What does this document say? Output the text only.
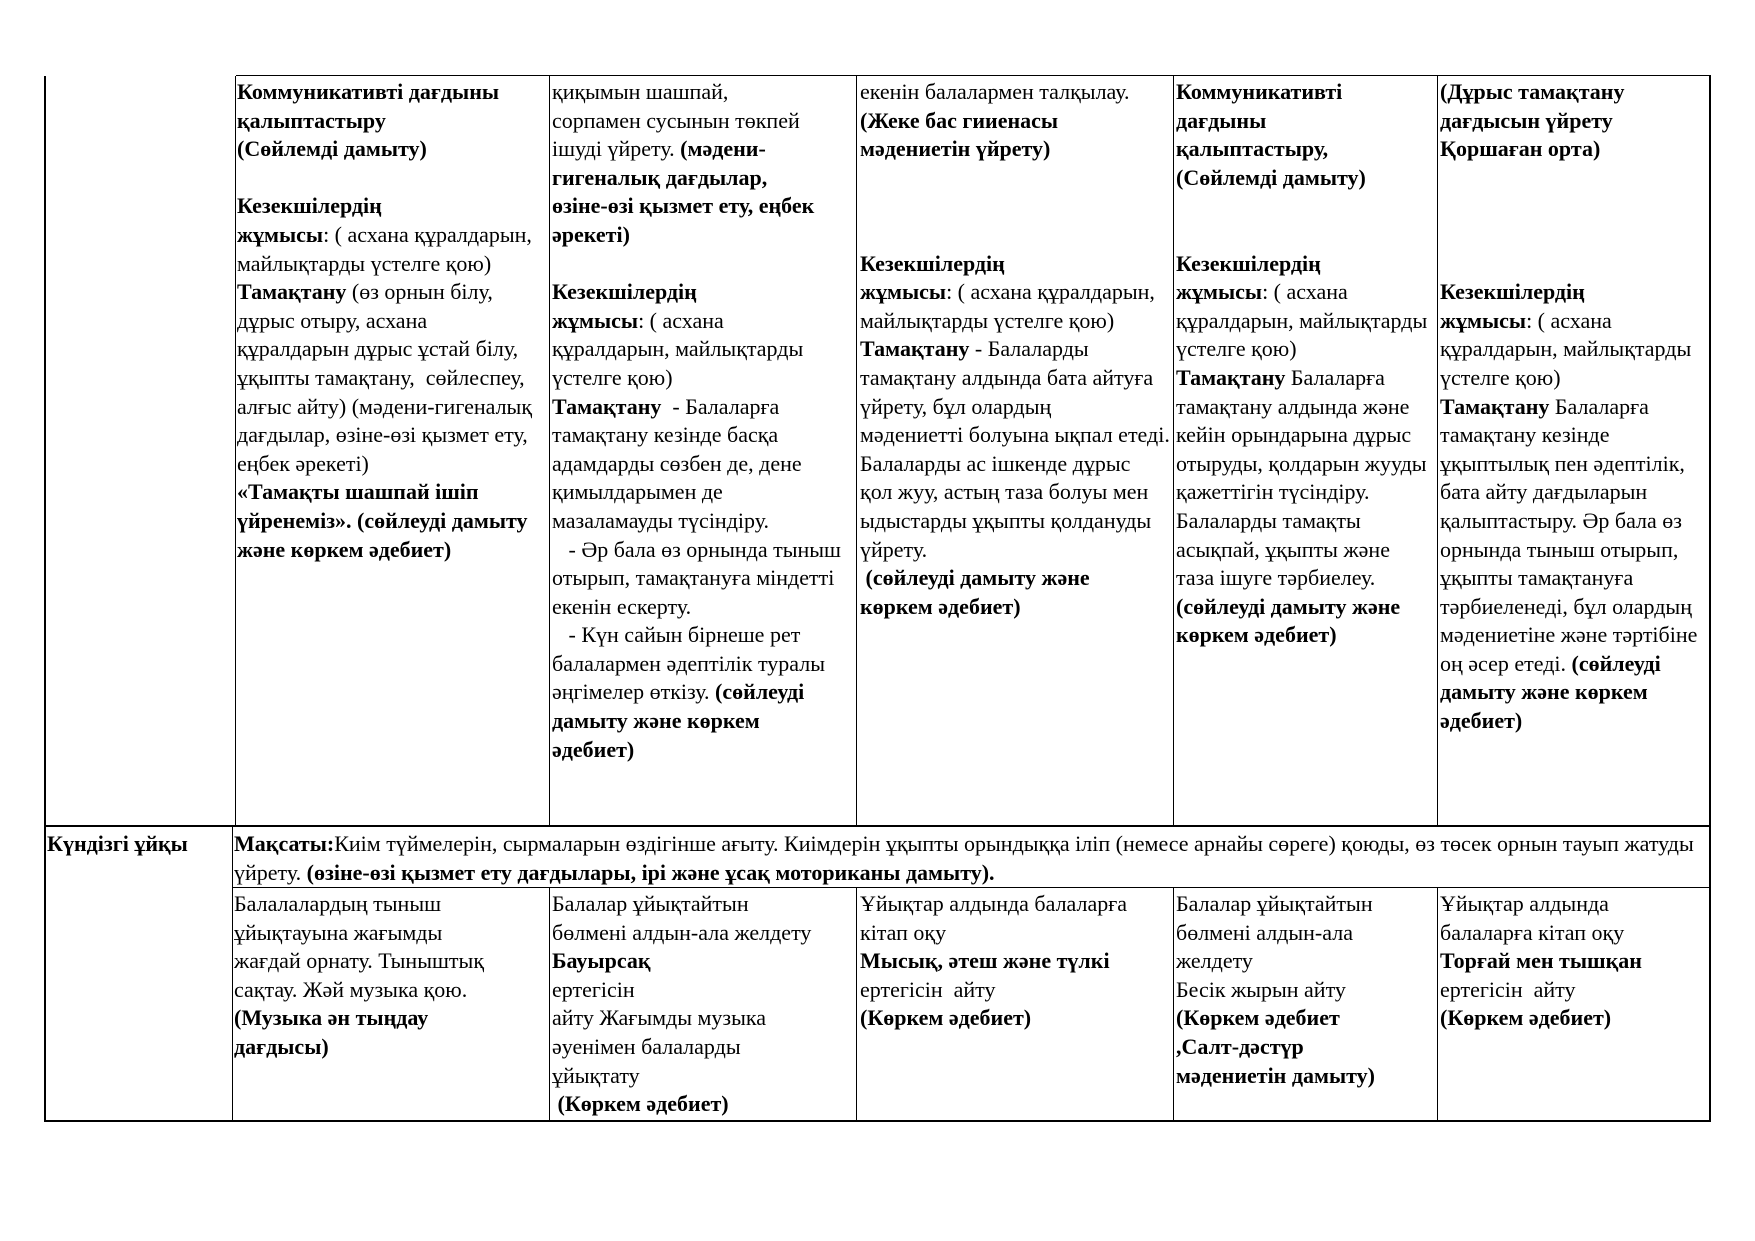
Коммуникативті дағдыны
қалыптастыру
(Сөйлемді дамыту)
Кезекшілердің
жұмысы: ( асхана құралдарын,
майлықтарды үстелге қою)
Тамақтану (өз орнын білу,
дұрыс отыру, асхана
құралдарын дұрыс ұстай білу,
ұқыпты тамақтану,  сөйлеспеу,
алғыс айту) (мәдени-гигеналық
дағдылар, өзіне-өзі қызмет ету,
еңбек әрекеті)
«Тамақты шашпай ішіп
үйренеміз». (сөйлеуді дамыту
және көркем әдебиет)
қиқымын шашпай,
сорпамен сусынын төкпей
ішуді үйрету. (мәдени-
гигеналық дағдылар,
өзіне-өзі қызмет ету, еңбек
әрекеті)
Кезекшілердің
жұмысы: ( асхана
құралдарын, майлықтарды
үстелге қою)
Тамақтану  - Балаларға
тамақтану кезінде басқа
адамдарды сөзбен де, дене
қимылдарымен де
мазаламауды түсіндіру.
- Әр бала өз орнында тыныш
отырып, тамақтануға міндетті
екенін ескерту.
- Күн сайын бірнеше рет
балалармен әдептілік туралы
әңгімелер өткізу. (сөйлеуді
дамыту және көркем
әдебиет)
екенін балалармен талқылау.
(Жеке бас гииенасы
мәдениетін үйрету)
Кезекшілердің
жұмысы: ( асхана құралдарын,
майлықтарды үстелге қою)
Тамақтану - Балаларды
тамақтану алдында бата айтуға
үйрету, бұл олардың
мәдениетті болуына ықпал етеді.
Балаларды ас ішкенде дұрыс
қол жуу, астың таза болуы мен
ыдыстарды ұқыпты қолдануды
үйрету.
(сөйлеуді дамыту және
көркем әдебиет)
Коммуникативті
дағдыны
қалыптастыру,
(Сөйлемді дамыту)
Кезекшілердің
жұмысы: ( асхана
құралдарын, майлықтарды
үстелге қою)
Тамақтану Балаларға
тамақтану алдында және
кейін орындарына дұрыс
отыруды, қолдарын жууды
қажеттігін түсіндіру.
Балаларды тамақты
асықпай, ұқыпты және
таза ішуге тәрбиелеу.
(сөйлеуді дамыту және
көркем әдебиет)
(Дұрыс тамақтану
дағдысын үйрету
Қоршаған орта)
Кезекшілердің
жұмысы: ( асхана
құралдарын, майлықтарды
үстелге қою)
Тамақтану Балаларға
тамақтану кезінде
ұқыптылық пен әдептілік,
бата айту дағдыларын
қалыптастыру. Әр бала өз
орнында тыныш отырып,
ұқыпты тамақтануға
тәрбиеленеді, бұл олардың
мәдениетіне және тәртібіне
оң әсер етеді. (сөйлеуді
дамыту және көркем
әдебиет)
Күндізгі ұйқы	Мақсаты:Киім түймелерін, сырмаларын өздігінше ағыту. Киімдерін ұқыпты орындыққа іліп (немесе арнайы сөреге) қоюды, өз төсек орнын тауып жатуды үйрету. (өзіне-өзі қызмет ету дағдылары, ірі және ұсақ моториканы дамыту).
Балалалардың тыныш
ұйықтауына жағымды
жағдай орнату. Тыныштық
сақтау. Жәй музыка қою.
(Музыка ән тыңдау
дағдысы)
Балалар ұйықтайтын
бөлмені алдын-ала желдету
Бауырсақ
ертегісін
айту Жағымды музыка
әуенімен балаларды
ұйықтату
(Көркем әдебиет)
Ұйықтар алдында балаларға
кітап оқу
Мысық, әтеш және түлкі
ертегісін  айту
(Көркем әдебиет)
Балалар ұйықтайтын
бөлмені алдын-ала
желдету
Бесік жырын айту
(Көркем әдебиет
,Салт-дәстүр
мәдениетін дамыту)
Ұйықтар алдында
балаларға кітап оқу
Торғай мен тышқан
ертегісін  айту
(Көркем әдебиет)
